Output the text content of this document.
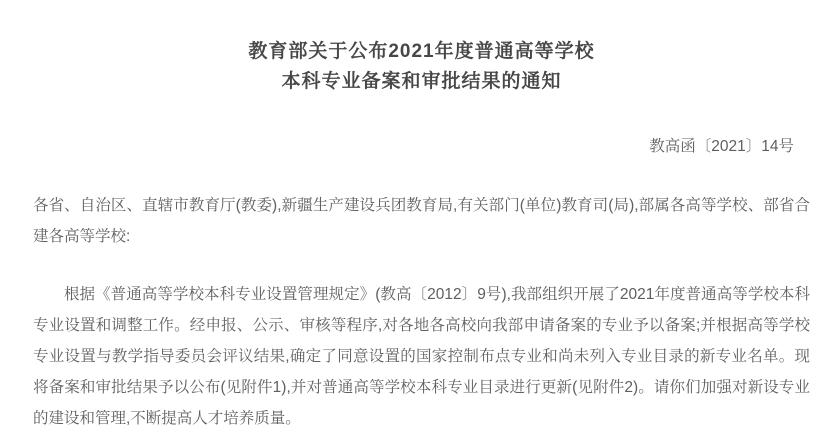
教育部关于公布2021年度普通高等学校
本科专业备案和审批结果的通知
教高函〔2021〕14号

各省、自治区、直辖市教育厅(教委),新疆生产建设兵团教育局,有关部门(单位)教育司(局),部属各高等学校、部省合建各高等学校:

根据《普通高等学校本科专业设置管理规定》(教高〔2012〕9号),我部组织开展了2021年度普通高等学校本科专业设置和调整工作。经申报、公示、审核等程序,对各地各高校向我部申请备案的专业予以备案;并根据高等学校专业设置与教学指导委员会评议结果,确定了同意设置的国家控制布点专业和尚未列入专业目录的新专业名单。现将备案和审批结果予以公布(见附件1),并对普通高等学校本科专业目录进行更新(见附件2)。请你们加强对新设专业的建设和管理,不断提高人才培养质量。
